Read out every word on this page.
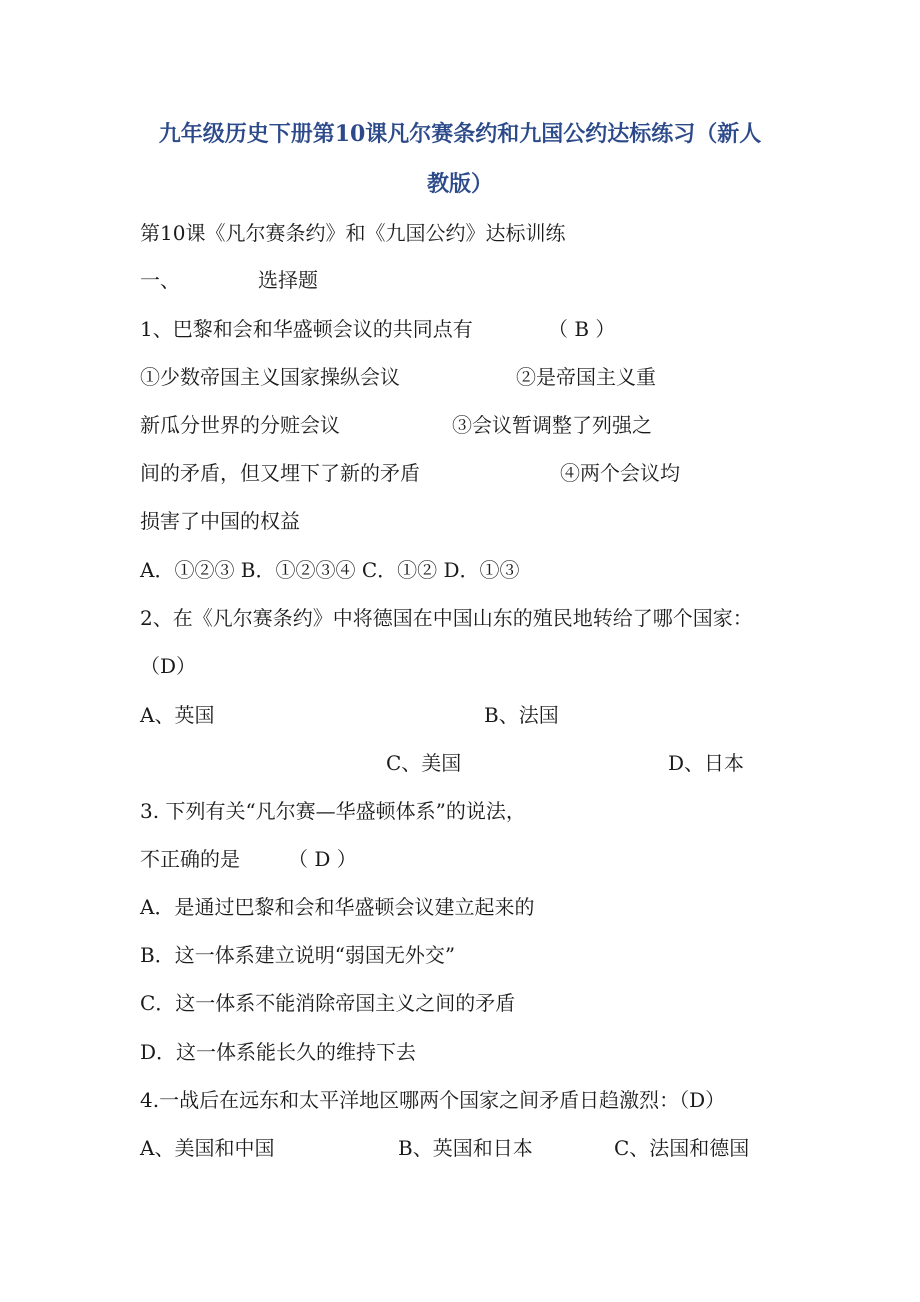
九年级历史下册第10课凡尔赛条约和九国公约达标练习（新人
教版）
第10课《凡尔赛条约》和《九国公约》达标训练
一、	选择题
1、巴黎和会和华盛顿会议的共同点有	（ B ）
①少数帝国主义国家操纵会议	②是帝国主义重
新瓜分世界的分赃会议	③会议暂调整了列强之
间的矛盾，但又埋下了新的矛盾	④两个会议均
损害了中国的权益
A．①②③ B．①②③④ C．①② D．①③
2、在《凡尔赛条约》中将德国在中国山东的殖民地转给了哪个国家：
（D）
A、英国	B、法国
C、美国	D、日本
3. 下列有关“凡尔赛—华盛顿体系”的说法，
不正确的是 （ D ）
A．是通过巴黎和会和华盛顿会议建立起来的
B．这一体系建立说明“弱国无外交”
C．这一体系不能消除帝国主义之间的矛盾
D．这一体系能长久的维持下去
4.一战后在远东和太平洋地区哪两个国家之间矛盾日趋激烈：（D）
A、美国和中国	B、英国和日本	C、法国和德国
